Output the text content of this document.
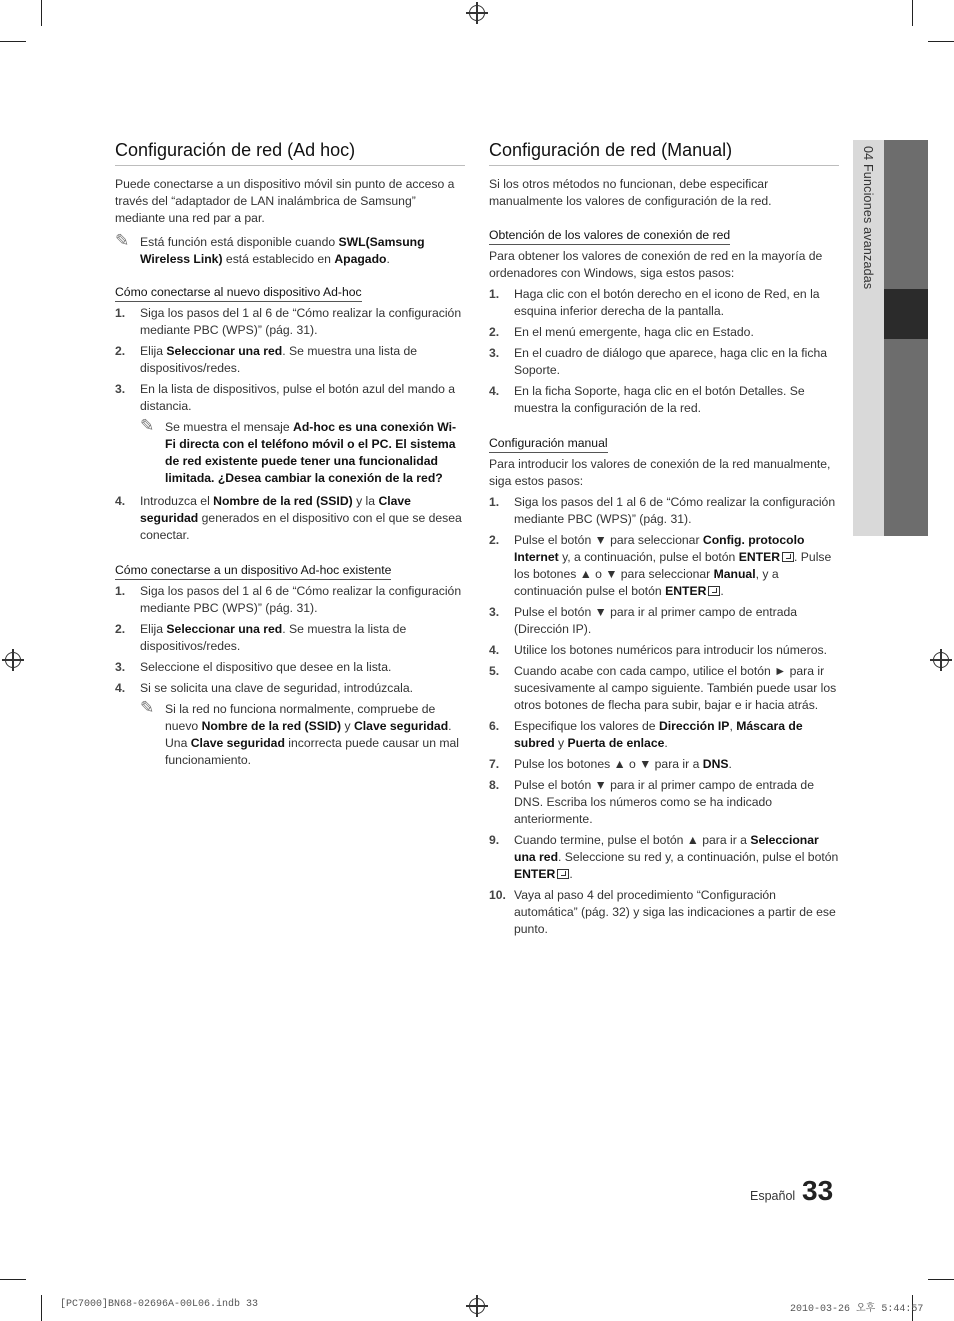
Configuración de red (Ad hoc)

Puede conectarse a un dispositivo móvil sin punto de acceso a través del “adaptador de LAN inalámbrica de Samsung” mediante una red par a par.

✎ Está función está disponible cuando SWL(Samsung Wireless Link) está establecido en Apagado.
Cómo conectarse al nuevo dispositivo Ad-hoc
1. Siga los pasos del 1 al 6 de “Cómo realizar la configuración mediante PBC (WPS)” (pág. 31).
2. Elija Seleccionar una red. Se muestra una lista de dispositivos/redes.
3. En la lista de dispositivos, pulse el botón azul del mando a distancia.
✎ Se muestra el mensaje Ad-hoc es una conexión Wi-Fi directa con el teléfono móvil o el PC. El sistema de red existente puede tener una funcionalidad limitada. ¿Desea cambiar la conexión de la red?
4. Introduzca el Nombre de la red (SSID) y la Clave seguridad generados en el dispositivo con el que se desea conectar.
Cómo conectarse a un dispositivo Ad-hoc existente
1. Siga los pasos del 1 al 6 de “Cómo realizar la configuración mediante PBC (WPS)” (pág. 31).
2. Elija Seleccionar una red. Se muestra la lista de dispositivos/redes.
3. Seleccione el dispositivo que desee en la lista.
4. Si se solicita una clave de seguridad, introdúzcala.
✎ Si la red no funciona normalmente, compruebe de nuevo Nombre de la red (SSID) y Clave seguridad. Una Clave seguridad incorrecta puede causar un mal funcionamiento.
Configuración de red (Manual)

Si los otros métodos no funcionan, debe especificar manualmente los valores de configuración de la red.

Obtención de los valores de conexión de red

Para obtener los valores de conexión de red en la mayoría de ordenadores con Windows, siga estos pasos:

1. Haga clic con el botón derecho en el icono de Red, en la esquina inferior derecha de la pantalla.
2. En el menú emergente, haga clic en Estado.
3. En el cuadro de diálogo que aparece, haga clic en la ficha Soporte.
4. En la ficha Soporte, haga clic en el botón Detalles. Se muestra la configuración de la red.
Configuración manual

Para introducir los valores de conexión de la red manualmente, siga estos pasos:

1. Siga los pasos del 1 al 6 de “Cómo realizar la configuración mediante PBC (WPS)” (pág. 31).
2. Pulse el botón ▼ para seleccionar Config. protocolo Internet y, a continuación, pulse el botón ENTER . Pulse los botones ▲ o ▼ para seleccionar Manual, y a continuación pulse el botón ENTER .
3. Pulse el botón ▼ para ir al primer campo de entrada (Dirección IP).
4. Utilice los botones numéricos para introducir los números.
5. Cuando acabe con cada campo, utilice el botón ► para ir sucesivamente al campo siguiente. También puede usar los otros botones de flecha para subir, bajar e ir hacia atrás.
6. Especifique los valores de Dirección IP, Máscara de subred y Puerta de enlace.
7. Pulse los botones ▲ o ▼ para ir a DNS.
8. Pulse el botón ▼ para ir al primer campo de entrada de DNS. Escriba los números como se ha indicado anteriormente.
9. Cuando termine, pulse el botón ▲ para ir a Seleccionar una red. Seleccione su red y, a continuación, pulse el botón ENTER .
10. Vaya al paso 4 del procedimiento “Configuración automática” (pág. 32) y siga las indicaciones a partir de ese punto.
04 Funciones avanzadas
Español 33
[PC7000]BN68-02696A-00L06.indb 33	2010-03-26 오후 5:44:57
